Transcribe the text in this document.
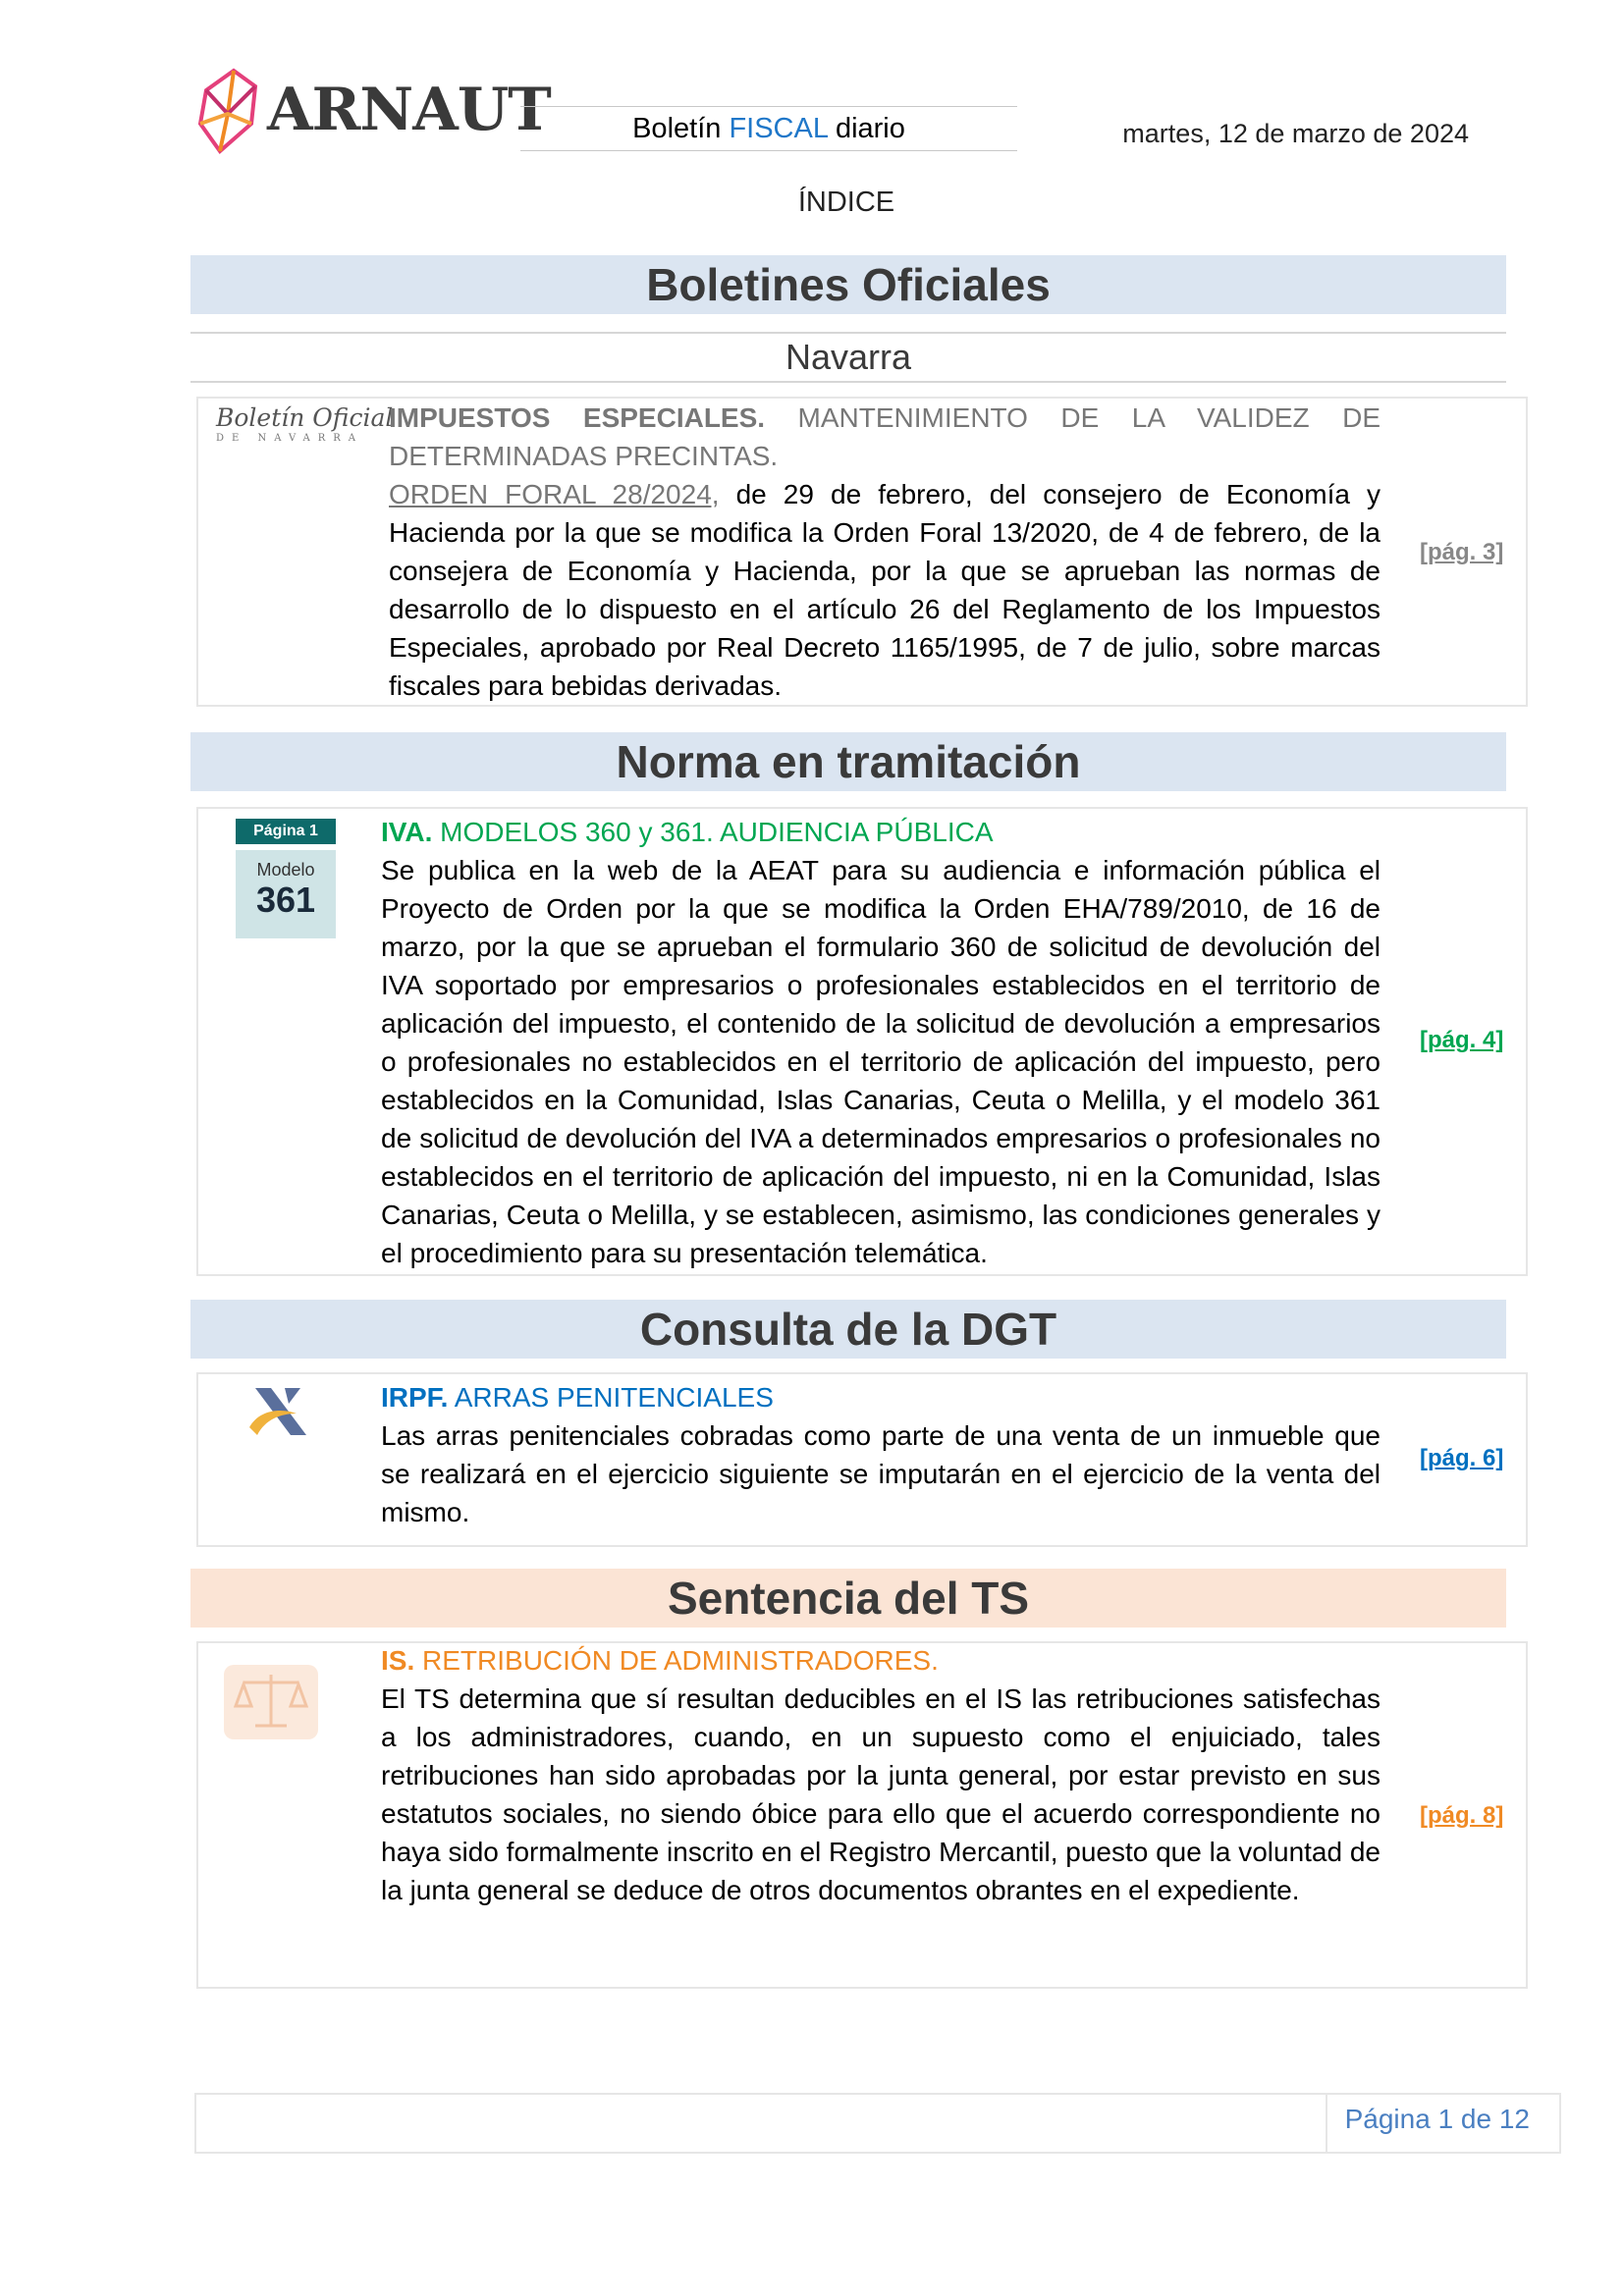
ARNAUT	Boletín FISCAL diario	martes, 12 de marzo de 2024
ÍNDICE
Boletines Oficiales
Navarra
Boletín Oficial
DE NAVARRA
IMPUESTOS ESPECIALES. MANTENIMIENTO DE LA VALIDEZ DE DETERMINADAS PRECINTAS.
ORDEN FORAL 28/2024, de 29 de febrero, del consejero de Economía y Hacienda por la que se modifica la Orden Foral 13/2020, de 4 de febrero, de la consejera de Economía y Hacienda, por la que se aprueban las normas de desarrollo de lo dispuesto en el artículo 26 del Reglamento de los Impuestos Especiales, aprobado por Real Decreto 1165/1995, de 7 de julio, sobre marcas fiscales para bebidas derivadas.
[pág. 3]
Norma en tramitación
Página 1
Modelo
361
IVA. MODELOS 360 y 361. AUDIENCIA PÚBLICA
Se publica en la web de la AEAT para su audiencia e información pública el Proyecto de Orden por la que se modifica la Orden EHA/789/2010, de 16 de marzo, por la que se aprueban el formulario 360 de solicitud de devolución del IVA soportado por empresarios o profesionales establecidos en el territorio de aplicación del impuesto, el contenido de la solicitud de devolución a empresarios o profesionales no establecidos en el territorio de aplicación del impuesto, pero establecidos en la Comunidad, Islas Canarias, Ceuta o Melilla, y el modelo 361 de solicitud de devolución del IVA a determinados empresarios o profesionales no establecidos en el territorio de aplicación del impuesto, ni en la Comunidad, Islas Canarias, Ceuta o Melilla, y se establecen, asimismo, las condiciones generales y el procedimiento para su presentación telemática.
[pág. 4]
Consulta de la DGT
IRPF. ARRAS PENITENCIALES
Las arras penitenciales cobradas como parte de una venta de un inmueble que se realizará en el ejercicio siguiente se imputarán en el ejercicio de la venta del mismo.
[pág. 6]
Sentencia del TS
IS. RETRIBUCIÓN DE ADMINISTRADORES.
El TS determina que sí resultan deducibles en el IS las retribuciones satisfechas a los administradores, cuando, en un supuesto como el enjuiciado, tales retribuciones han sido aprobadas por la junta general, por estar previsto en sus estatutos sociales, no siendo óbice para ello que el acuerdo correspondiente no haya sido formalmente inscrito en el Registro Mercantil, puesto que la voluntad de la junta general se deduce de otros documentos obrantes en el expediente.
[pág. 8]
Página 1 de 12
